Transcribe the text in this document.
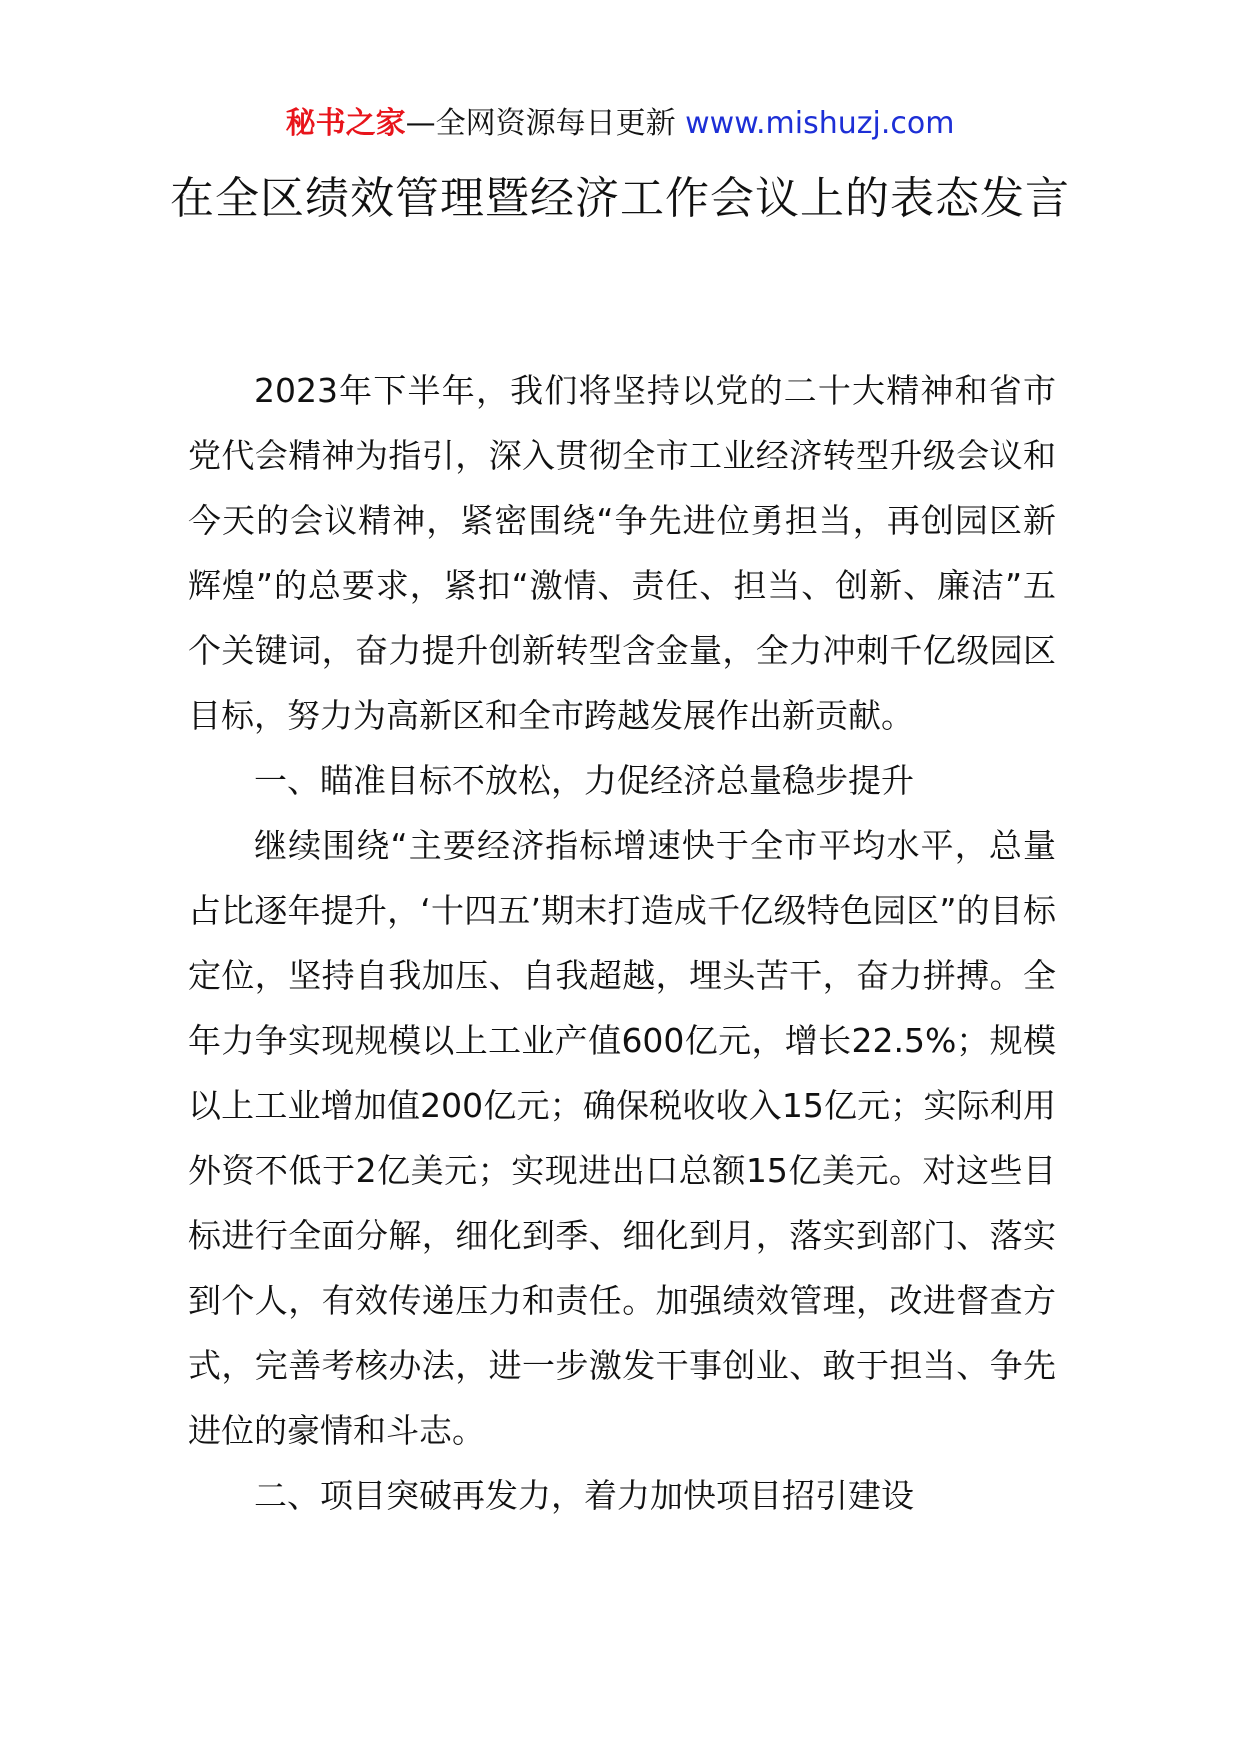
秘书之家—全网资源每日更新 www.mishuzj.com
在全区绩效管理暨经济工作会议上的表态发言

2023年下半年，我们将坚持以党的二十大精神和省市党代会精神为指引，深入贯彻全市工业经济转型升级会议和今天的会议精神，紧密围绕“争先进位勇担当，再创园区新辉煌”的总要求，紧扣“激情、责任、担当、创新、廉洁”五个关键词，奋力提升创新转型含金量，全力冲刺千亿级园区目标，努力为高新区和全市跨越发展作出新贡献。

一、瞄准目标不放松，力促经济总量稳步提升

继续围绕“主要经济指标增速快于全市平均水平，总量占比逐年提升，‘十四五’期末打造成千亿级特色园区”的目标定位，坚持自我加压、自我超越，埋头苦干，奋力拼搏。全年力争实现规模以上工业产值600亿元，增长22.5%；规模以上工业增加值200亿元；确保税收收入15亿元；实际利用外资不低于2亿美元；实现进出口总额15亿美元。对这些目标进行全面分解，细化到季、细化到月，落实到部门、落实到个人，有效传递压力和责任。加强绩效管理，改进督查方式，完善考核办法，进一步激发干事创业、敢于担当、争先进位的豪情和斗志。

二、项目突破再发力，着力加快项目招引建设
